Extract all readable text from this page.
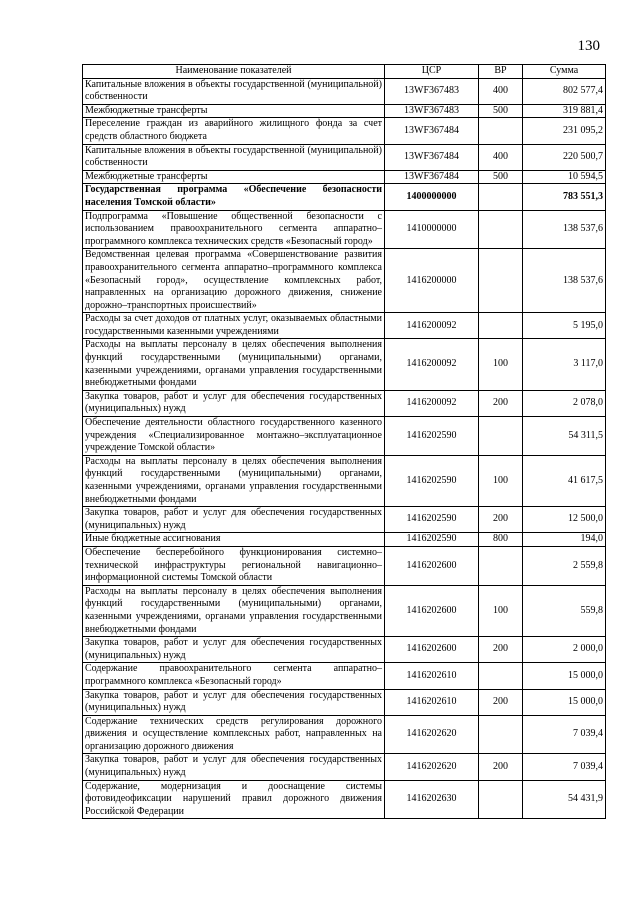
130
Наименование показателей	ЦСР	ВР	Сумма
Капитальные вложения в объекты государственной (муниципальной) собственности	13WF367483	400	802 577,4
Межбюджетные трансферты	13WF367483	500	319 881,4
Переселение граждан из аварийного жилищного фонда за счет средств областного бюджета	13WF367484		231 095,2
Капитальные вложения в объекты государственной (муниципальной) собственности	13WF367484	400	220 500,7
Межбюджетные трансферты	13WF367484	500	10 594,5
Государственная программа «Обеспечение безопасности населения Томской области»	1400000000		783 551,3
Подпрограмма «Повышение общественной безопасности с использованием правоохранительного сегмента аппаратно–программного комплекса технических средств «Безопасный город»	1410000000		138 537,6
Ведомственная целевая программа «Совершенствование развития правоохранительного сегмента аппаратно–программного комплекса «Безопасный город», осуществление комплексных работ, направленных на организацию дорожного движения, снижение дорожно–транспортных происшествий»	1416200000		138 537,6
Расходы за счет доходов от платных услуг, оказываемых областными государственными казенными учреждениями	1416200092		5 195,0
Расходы на выплаты персоналу в целях обеспечения выполнения функций государственными (муниципальными) органами, казенными учреждениями, органами управления государственными внебюджетными фондами	1416200092	100	3 117,0
Закупка товаров, работ и услуг для обеспечения государственных (муниципальных) нужд	1416200092	200	2 078,0
Обеспечение деятельности областного государственного казенного учреждения «Специализированное монтажно–эксплуатационное учреждение Томской области»	1416202590		54 311,5
Расходы на выплаты персоналу в целях обеспечения выполнения функций государственными (муниципальными) органами, казенными учреждениями, органами управления государственными внебюджетными фондами	1416202590	100	41 617,5
Закупка товаров, работ и услуг для обеспечения государственных (муниципальных) нужд	1416202590	200	12 500,0
Иные бюджетные ассигнования	1416202590	800	194,0
Обеспечение бесперебойного функционирования системно–технической инфраструктуры региональной навигационно–информационной системы Томской области	1416202600		2 559,8
Расходы на выплаты персоналу в целях обеспечения выполнения функций государственными (муниципальными) органами, казенными учреждениями, органами управления государственными внебюджетными фондами	1416202600	100	559,8
Закупка товаров, работ и услуг для обеспечения государственных (муниципальных) нужд	1416202600	200	2 000,0
Содержание правоохранительного сегмента аппаратно–программного комплекса «Безопасный город»	1416202610		15 000,0
Закупка товаров, работ и услуг для обеспечения государственных (муниципальных) нужд	1416202610	200	15 000,0
Содержание технических средств регулирования дорожного движения и осуществление комплексных работ, направленных на организацию дорожного движения	1416202620		7 039,4
Закупка товаров, работ и услуг для обеспечения государственных (муниципальных) нужд	1416202620	200	7 039,4
Содержание, модернизация и дооснащение системы фотовидеофиксации нарушений правил дорожного движения Российской Федерации	1416202630		54 431,9
